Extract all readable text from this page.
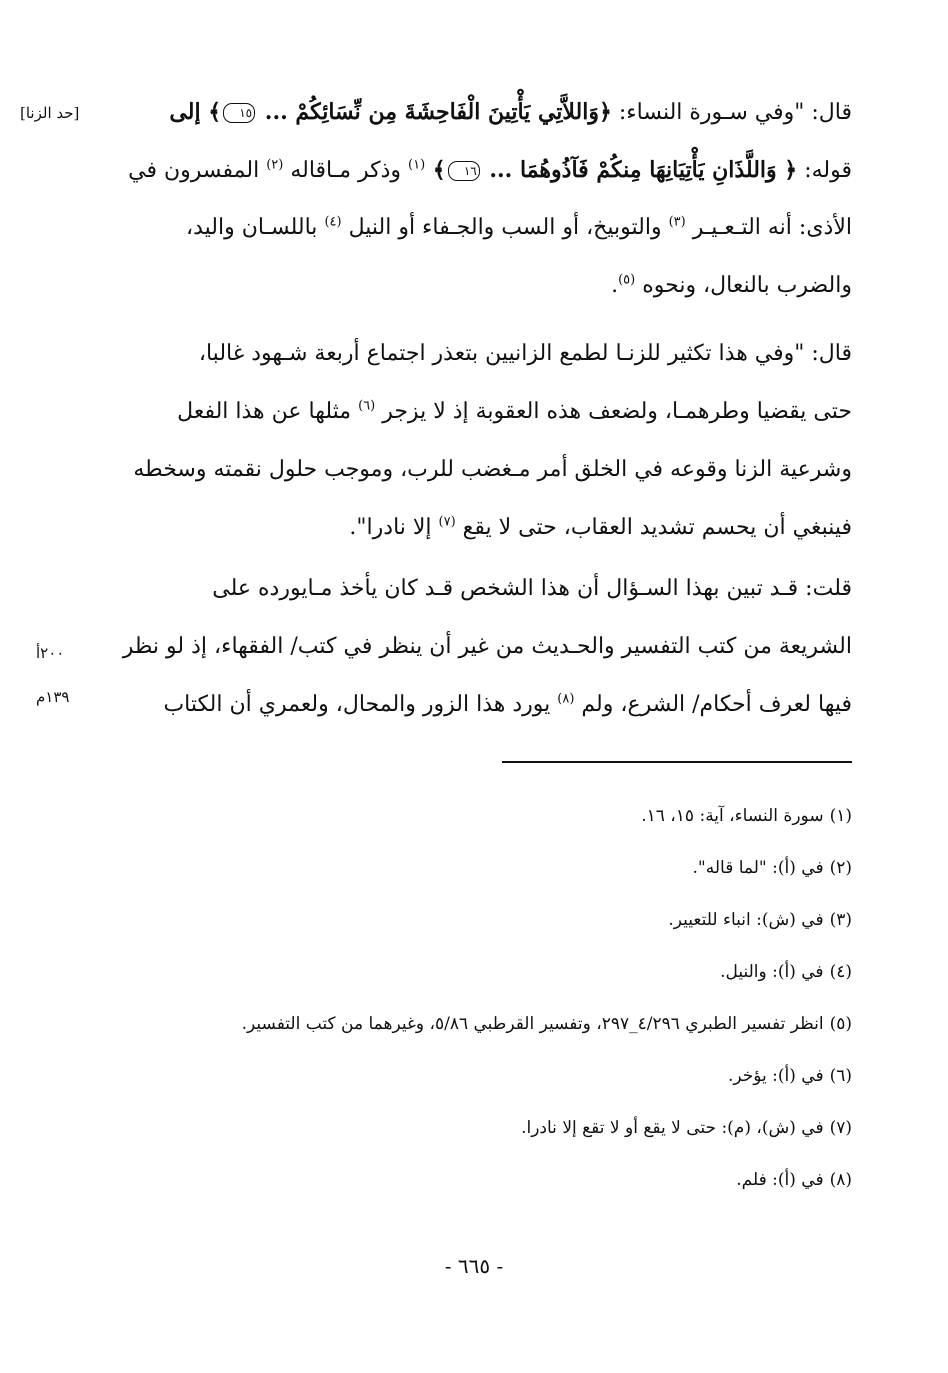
[حد الزنا]
٢٠٠أ
١٣٩م
قال: "وفي سـورة النساء: ﴿وَاللاَّتِي يَأْتِينَ الْفَاحِشَةَ مِن نِّسَائِكُمْ ... ١٥﴾ إلى
قوله: ﴿ وَاللَّذَانِ يَأْتِيَانِهَا مِنكُمْ فَآذُوهُمَا ... ١٦﴾ $^{(١)}$ وذكر مـاقاله $^{(٢)}$ المفسرون في
الأذى: أنه التـعـيـر $^{(٣)}$ والتوبيخ، أو السب والجـفاء أو النيل $^{(٤)}$ باللسـان واليد،
والضرب بالنعال، ونحوه $^{(٥)}$.
قال: "وفي هذا تكثير للزنـا لطمع الزانيين بتعذر اجتماع أربعة شـهود غالبا،
حتى يقضيا وطرهمـا، ولضعف هذه العقوبة إذ لا يزجر $^{(٦)}$ مثلها عن هذا الفعل
وشرعية الزنا وقوعه في الخلق أمر مـغضب للرب، وموجب حلول نقمته وسخطه
فينبغي أن يحسم تشديد العقاب، حتى لا يقع $^{(٧)}$ إلا نادرا".
قلت: قـد تبين بهذا السـؤال أن هذا الشخص قـد كان يأخذ مـايورده على
الشريعة من كتب التفسير والحـديث من غير أن ينظر في كتب/ الفقهاء، إذ لو نظر
فيها لعرف أحكام/ الشرع، ولم $^{(٨)}$ يورد هذا الزور والمحال، ولعمري أن الكتاب
(١)سورة النساء، آية: ١٥، ١٦.
(٢)في (أ): "لما قاله".
(٣)في (ش): انباء للتعيير.
(٤)في (أ): والنيل.
(٥)انظر تفسير الطبري ٤/٢٩٦_٢٩٧، وتفسير القرطبي ٥/٨٦، وغيرهما من كتب التفسير.
(٦)في (أ): يؤخر.
(٧)في (ش)، (م): حتى لا يقع أو لا تقع إلا نادرا.
(٨)في (أ): فلم.
- ٦٦٥ -
